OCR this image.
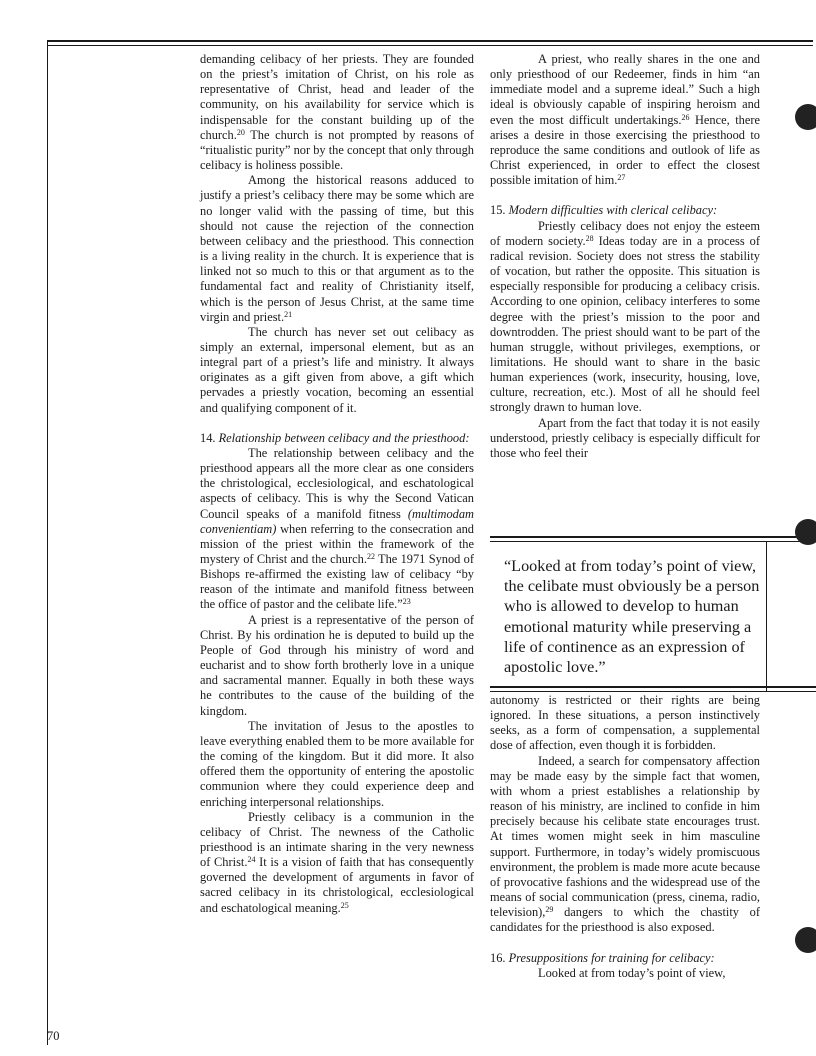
demanding celibacy of her priests. They are founded on the priest’s imitation of Christ, on his role as representative of Christ, head and leader of the community, on his availability for service which is indispensable for the constant building up of the church.$^{20}$ The church is not prompted by reasons of “ritualistic purity” nor by the concept that only through celibacy is holiness possible.

Among the historical reasons adduced to justify a priest’s celibacy there may be some which are no longer valid with the passing of time, but this should not cause the rejection of the connection between celibacy and the priesthood. This connection is a living reality in the church. It is experience that is linked not so much to this or that argument as to the fundamental fact and reality of Christianity itself, which is the person of Jesus Christ, at the same time virgin and priest.$^{21}$

The church has never set out celibacy as simply an external, impersonal element, but as an integral part of a priest’s life and ministry. It always originates as a gift given from above, a gift which pervades a priestly vocation, becoming an essential and qualifying component of it.

14. Relationship between celibacy and the priesthood:

The relationship between celibacy and the priesthood appears all the more clear as one considers the christological, ecclesiological, and eschatological aspects of celibacy. This is why the Second Vatican Council speaks of a manifold fitness (multimodam convenientiam) when referring to the consecration and mission of the priest within the framework of the mystery of Christ and the church.$^{22}$ The 1971 Synod of Bishops re-affirmed the existing law of celibacy “by reason of the intimate and manifold fitness between the office of pastor and the celibate life.”$^{23}$

A priest is a representative of the person of Christ. By his ordination he is deputed to build up the People of God through his ministry of word and eucharist and to show forth brotherly love in a unique and sacramental manner. Equally in both these ways he contributes to the cause of the building of the kingdom.

The invitation of Jesus to the apostles to leave everything enabled them to be more available for the coming of the kingdom. But it did more. It also offered them the opportunity of entering the apostolic communion where they could experience deep and enriching interpersonal relationships.

Priestly celibacy is a communion in the celibacy of Christ. The newness of the Catholic priesthood is an intimate sharing in the very newness of Christ.$^{24}$ It is a vision of faith that has consequently governed the development of arguments in favor of sacred celibacy in its christological, ecclesiological and eschatological meaning.$^{25}$

A priest, who really shares in the one and only priesthood of our Redeemer, finds in him “an immediate model and a supreme ideal.” Such a high ideal is obviously capable of inspiring heroism and even the most difficult undertakings.$^{26}$ Hence, there arises a desire in those exercising the priesthood to reproduce the same conditions and outlook of life as Christ experienced, in order to effect the closest possible imitation of him.$^{27}$

15. Modern difficulties with clerical celibacy:

Priestly celibacy does not enjoy the esteem of modern society.$^{28}$ Ideas today are in a process of radical revision. Society does not stress the stability of vocation, but rather the opposite. This situation is especially responsible for producing a celibacy crisis. According to one opinion, celibacy interferes to some degree with the priest’s mission to the poor and downtrodden. The priest should want to be part of the human struggle, without privileges, exemptions, or limitations. He should want to share in the basic human experiences (work, insecurity, housing, love, culture, recreation, etc.). Most of all he should feel strongly drawn to human love.

Apart from the fact that today it is not easily understood, priestly celibacy is especially difficult for those who feel their

“Looked at from today’s point of view, the celibate must obviously be a person who is allowed to develop to human emotional maturity while preserving a life of continence as an expression of apostolic love.”

autonomy is restricted or their rights are being ignored. In these situations, a person instinctively seeks, as a form of compensation, a supplemental dose of affection, even though it is forbidden.

Indeed, a search for compensatory affection may be made easy by the simple fact that women, with whom a priest establishes a relationship by reason of his ministry, are inclined to confide in him precisely because his celibate state encourages trust. At times women might seek in him masculine support. Furthermore, in today’s widely promiscuous environment, the problem is made more acute because of provocative fashions and the widespread use of the means of social communication (press, cinema, radio, television),$^{29}$ dangers to which the chastity of candidates for the priesthood is also exposed.

16. Presuppositions for training for celibacy:

Looked at from today’s point of view,

70
